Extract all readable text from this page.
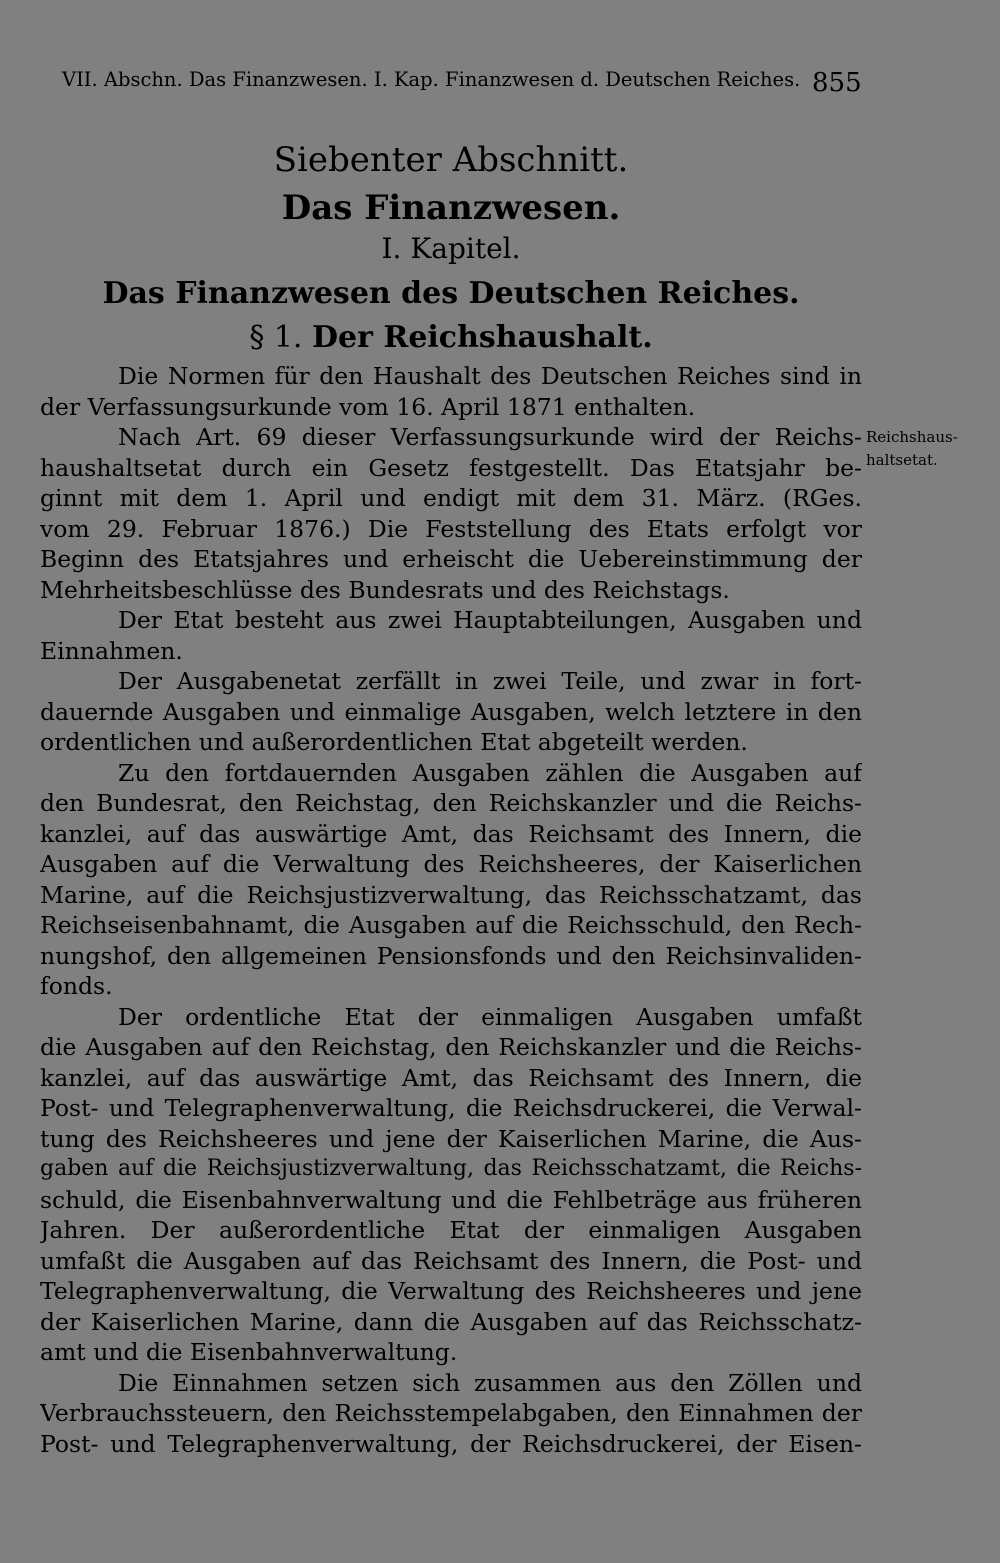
VII. Abschn. Das Finanzwesen. I. Kap. Finanzwesen d. Deutschen Reiches. 855
Siebenter Abschnitt.
Das Finanzwesen.
I. Kapitel.
Das Finanzwesen des Deutschen Reiches.
§ 1. Der Reichshaushalt.
Die Normen für den Haushalt des Deutschen Reiches sind in
der Verfassungsurkunde vom 16. April 1871 enthalten.
Nach Art. 69 dieser Verfassungsurkunde wird der Reichs-
haushaltsetat durch ein Gesetz festgestellt. Das Etatsjahr be-
ginnt mit dem 1. April und endigt mit dem 31. März. (RGes.
vom 29. Februar 1876.) Die Feststellung des Etats erfolgt vor
Beginn des Etatsjahres und erheischt die Uebereinstimmung der
Mehrheitsbeschlüsse des Bundesrats und des Reichstags.
Der Etat besteht aus zwei Hauptabteilungen, Ausgaben und
Einnahmen.
Der Ausgabenetat zerfällt in zwei Teile, und zwar in fort-
dauernde Ausgaben und einmalige Ausgaben, welch letztere in den
ordentlichen und außerordentlichen Etat abgeteilt werden.
Zu den fortdauernden Ausgaben zählen die Ausgaben auf
den Bundesrat, den Reichstag, den Reichskanzler und die Reichs-
kanzlei, auf das auswärtige Amt, das Reichsamt des Innern, die
Ausgaben auf die Verwaltung des Reichsheeres, der Kaiserlichen
Marine, auf die Reichsjustizverwaltung, das Reichsschatzamt, das
Reichseisenbahnamt, die Ausgaben auf die Reichsschuld, den Rech-
nungshof, den allgemeinen Pensionsfonds und den Reichsinvaliden-
fonds.
Der ordentliche Etat der einmaligen Ausgaben umfaßt
die Ausgaben auf den Reichstag, den Reichskanzler und die Reichs-
kanzlei, auf das auswärtige Amt, das Reichsamt des Innern, die
Post- und Telegraphenverwaltung, die Reichsdruckerei, die Verwal-
tung des Reichsheeres und jene der Kaiserlichen Marine, die Aus-
gaben auf die Reichsjustizverwaltung, das Reichsschatzamt, die Reichs-
schuld, die Eisenbahnverwaltung und die Fehlbeträge aus früheren
Jahren. Der außerordentliche Etat der einmaligen Ausgaben
umfaßt die Ausgaben auf das Reichsamt des Innern, die Post- und
Telegraphenverwaltung, die Verwaltung des Reichsheeres und jene
der Kaiserlichen Marine, dann die Ausgaben auf das Reichsschatz-
amt und die Eisenbahnverwaltung.
Die Einnahmen setzen sich zusammen aus den Zöllen und
Verbrauchssteuern, den Reichsstempelabgaben, den Einnahmen der
Post- und Telegraphenverwaltung, der Reichsdruckerei, der Eisen-
Reichshaus-
haltsetat.
